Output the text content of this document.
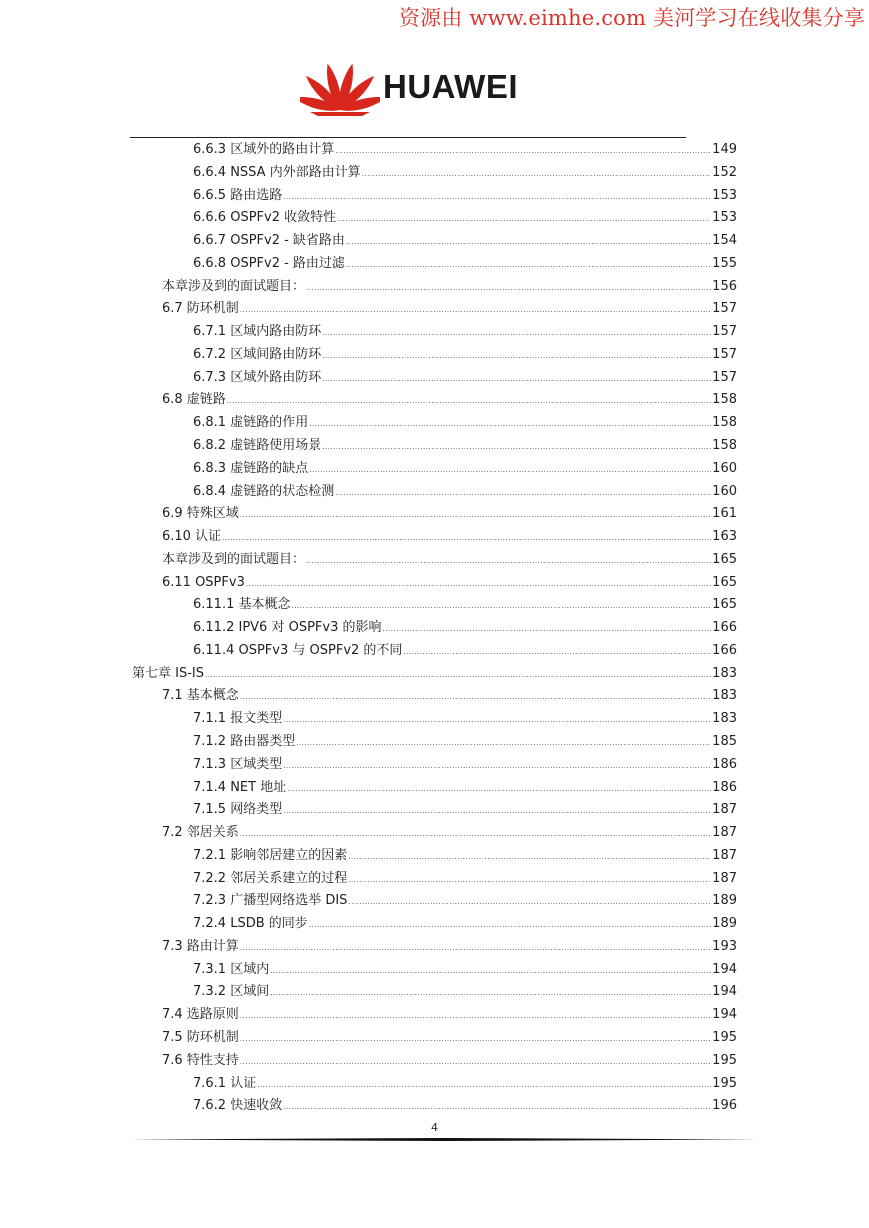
资源由 www.eimhe.com 美河学习在线收集分享
HUAWEI
6.6.3 区域外的路由计算 .....	149
6.6.4 NSSA 内外部路由计算 .....	152
6.6.5 路由选路 .....	153
6.6.6 OSPFv2 收敛特性 .....	153
6.6.7 OSPFv2 - 缺省路由 .....	154
6.6.8 OSPFv2 - 路由过滤 .....	155
本章涉及到的面试题目： .....	156
6.7 防环机制 .....	157
6.7.1 区域内路由防环 .....	157
6.7.2 区域间路由防环 .....	157
6.7.3 区域外路由防环 .....	157
6.8 虚链路 .....	158
6.8.1 虚链路的作用 .....	158
6.8.2 虚链路使用场景 .....	158
6.8.3 虚链路的缺点 .....	160
6.8.4 虚链路的状态检测 .....	160
6.9 特殊区域 .....	161
6.10 认证 .....	163
本章涉及到的面试题目： .....	165
6.11 OSPFv3 .....	165
6.11.1 基本概念 .....	165
6.11.2 IPV6 对 OSPFv3 的影响 .....	166
6.11.4 OSPFv3 与 OSPFv2 的不同 .....	166
第七章 IS-IS .....	183
7.1 基本概念 .....	183
7.1.1 报文类型 .....	183
7.1.2 路由器类型 .....	185
7.1.3 区域类型 .....	186
7.1.4 NET 地址 .....	186
7.1.5 网络类型 .....	187
7.2 邻居关系 .....	187
7.2.1 影响邻居建立的因素 .....	187
7.2.2 邻居关系建立的过程 .....	187
7.2.3 广播型网络选举 DIS .....	189
7.2.4 LSDB 的同步 .....	189
7.3 路由计算 .....	193
7.3.1 区域内 .....	194
7.3.2 区域间 .....	194
7.4 选路原则 .....	194
7.5 防环机制 .....	195
7.6 特性支持 .....	195
7.6.1 认证 .....	195
7.6.2 快速收敛 .....	196
4
